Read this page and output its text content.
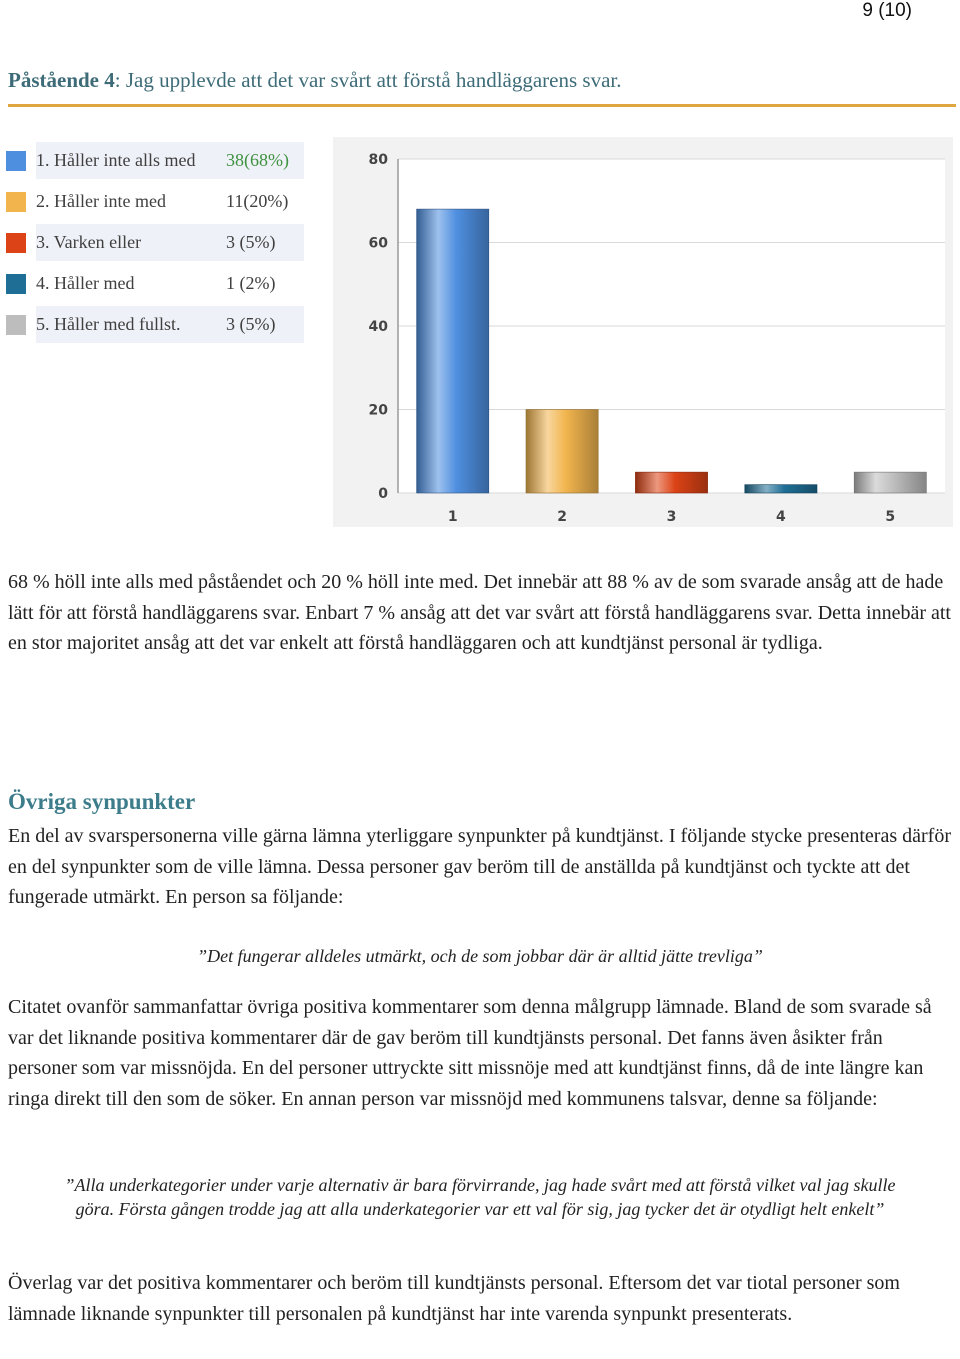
9 (10)
Påstående 4: Jag upplevde att det var svårt att förstå handläggarens svar.
1. Håller inte alls med	38(68%)
2. Håller inte med	11(20%)
3. Varken eller	3 (5%)
4. Håller med	1 (2%)
5. Håller med fullst.	3 (5%)
0
20
40
60
80
1	2	3	4	5
68 % höll inte alls med påståendet och 20 % höll inte med. Det innebär att 88 % av de som svarade ansåg att de hade lätt för att förstå handläggarens svar. Enbart 7 % ansåg att det var svårt att förstå handläggarens svar. Detta innebär att en stor majoritet ansåg att det var enkelt att förstå handläggaren och att kundtjänst personal är tydliga.
Övriga synpunkter
En del av svarspersonerna ville gärna lämna yterliggare synpunkter på kundtjänst. I följande stycke presenteras därför en del synpunkter som de ville lämna. Dessa personer gav beröm till de anställda på kundtjänst och tyckte att det fungerade utmärkt. En person sa följande:
”Det fungerar alldeles utmärkt, och de som jobbar där är alltid jätte trevliga”
Citatet ovanför sammanfattar övriga positiva kommentarer som denna målgrupp lämnade. Bland de som svarade så var det liknande positiva kommentarer där de gav beröm till kundtjänsts personal. Det fanns även åsikter från personer som var missnöjda. En del personer uttryckte sitt missnöje med att kundtjänst finns, då de inte längre kan ringa direkt till den som de söker. En annan person var missnöjd med kommunens talsvar, denne sa följande:
”Alla underkategorier under varje alternativ är bara förvirrande, jag hade svårt med att förstå vilket val jag skulle göra. Första gången trodde jag att alla underkategorier var ett val för sig, jag tycker det är otydligt helt enkelt”
Överlag var det positiva kommentarer och beröm till kundtjänsts personal. Eftersom det var tiotal personer som lämnade liknande synpunkter till personalen på kundtjänst har inte varenda synpunkt presenterats.
